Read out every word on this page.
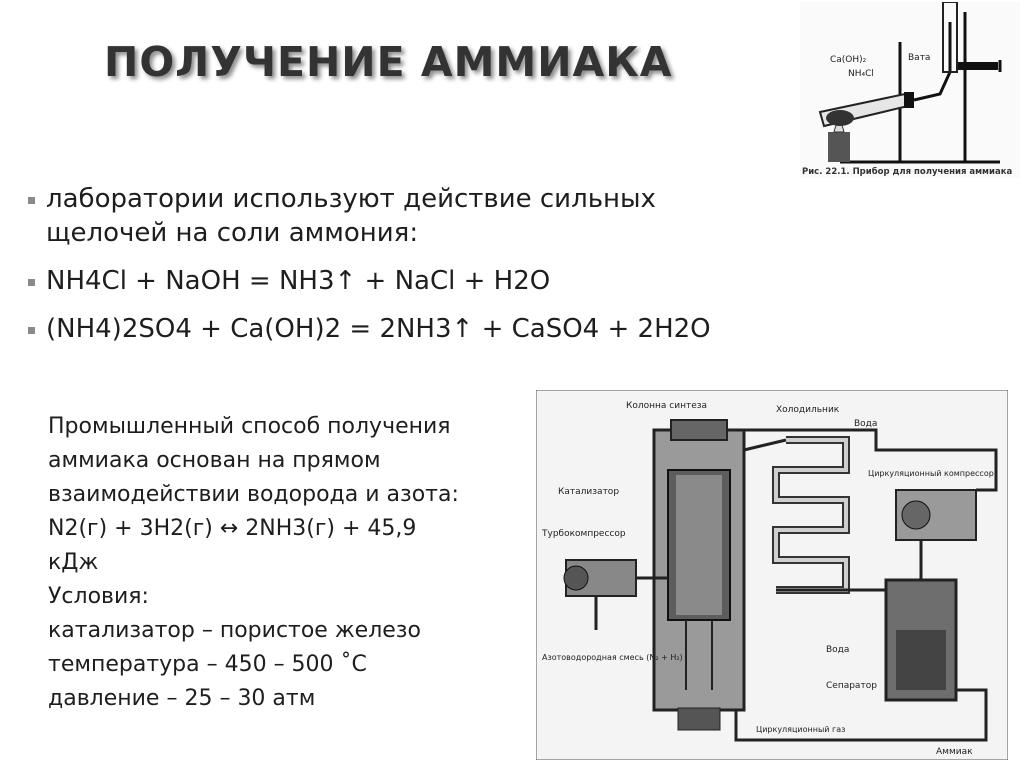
ПОЛУЧЕНИЕ АММИАКА
лаборатории используют действие сильных щелочей на соли аммония:
NH4Cl + NaOH = NH3↑ + NaCl + H2O
(NH4)2SO4 + Ca(OH)2 = 2NH3↑ + CaSO4 + 2H2O
Промышленный способ получения
аммиака основан на прямом
взаимодействии водорода и азота:
N2(г) + 3H2(г) ↔ 2NH3(г) + 45,9
кДж
Условия:
катализатор – пористое железо
температура – 450 – 500 ˚С
давление – 25 – 30 атм
Ca(OH)₂
NH₄Cl
Вата
Рис. 22.1. Прибор для получения аммиака
Колонна синтеза	Холодильник
Вода
Вода
Катализатор
Турбокомпрессор
Азотоводородная смесь (N₂ + H₂)
Циркуляционный компрессор
Сепаратор
Циркуляционный газ
Аммиак
